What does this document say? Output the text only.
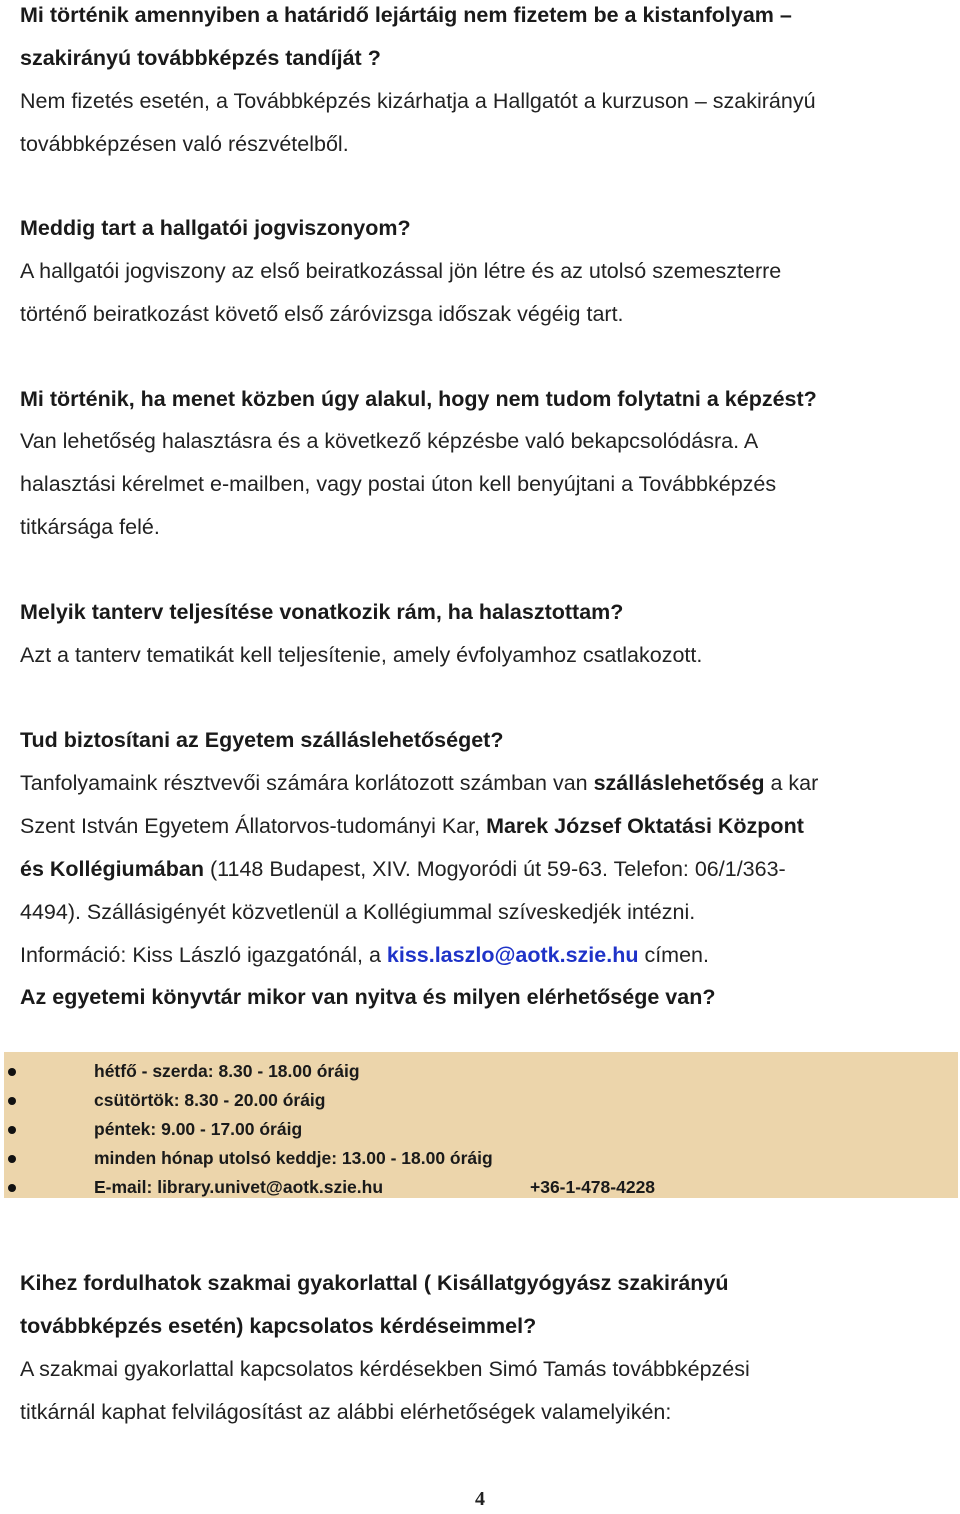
Mi történik amennyiben a határidő lejártáig nem fizetem be a kistanfolyam –
szakirányú továbbképzés tandíját ?
Nem fizetés esetén, a Továbbképzés kizárhatja a Hallgatót a kurzuson – szakirányú
továbbképzésen való részvételből.
Meddig tart a hallgatói jogviszonyom?
A hallgatói jogviszony az első beiratkozással jön létre és az utolsó szemeszterre
történő beiratkozást követő első záróvizsga időszak végéig tart.
Mi történik, ha menet közben úgy alakul, hogy nem tudom folytatni a képzést?
Van lehetőség halasztásra és a következő képzésbe való bekapcsolódásra. A
halasztási kérelmet e-mailben, vagy postai úton kell benyújtani a Továbbképzés
titkársága felé.
Melyik tanterv teljesítése vonatkozik rám, ha halasztottam?
Azt a tanterv tematikát kell teljesítenie, amely évfolyamhoz csatlakozott.
Tud biztosítani az Egyetem szálláslehetőséget?
Tanfolyamaink résztvevői számára korlátozott számban van szálláslehetőség a kar
Szent István Egyetem Állatorvos-tudományi Kar, Marek József Oktatási Központ
és Kollégiumában (1148 Budapest, XIV. Mogyoródi út 59-63. Telefon: 06/1/363-
4494). Szállásigényét közvetlenül a Kollégiummal szíveskedjék intézni.
Információ: Kiss László igazgatónál, a kiss.laszlo@aotk.szie.hu címen.
Az egyetemi könyvtár mikor van nyitva és milyen elérhetősége van?
Kihez fordulhatok szakmai gyakorlattal ( Kisállatgyógyász szakirányú
továbbképzés esetén) kapcsolatos kérdéseimmel?
A szakmai gyakorlattal kapcsolatos kérdésekben Simó Tamás továbbképzési
titkárnál kaphat felvilágosítást az alábbi elérhetőségek valamelyikén:
hétfő - szerda: 8.30 - 18.00 óráig
csütörtök: 8.30 - 20.00 óráig
péntek: 9.00 - 17.00 óráig
minden hónap utolsó keddje: 13.00 - 18.00 óráig
E-mail: library.univet@aotk.szie.hu	+36-1-478-4228
4
